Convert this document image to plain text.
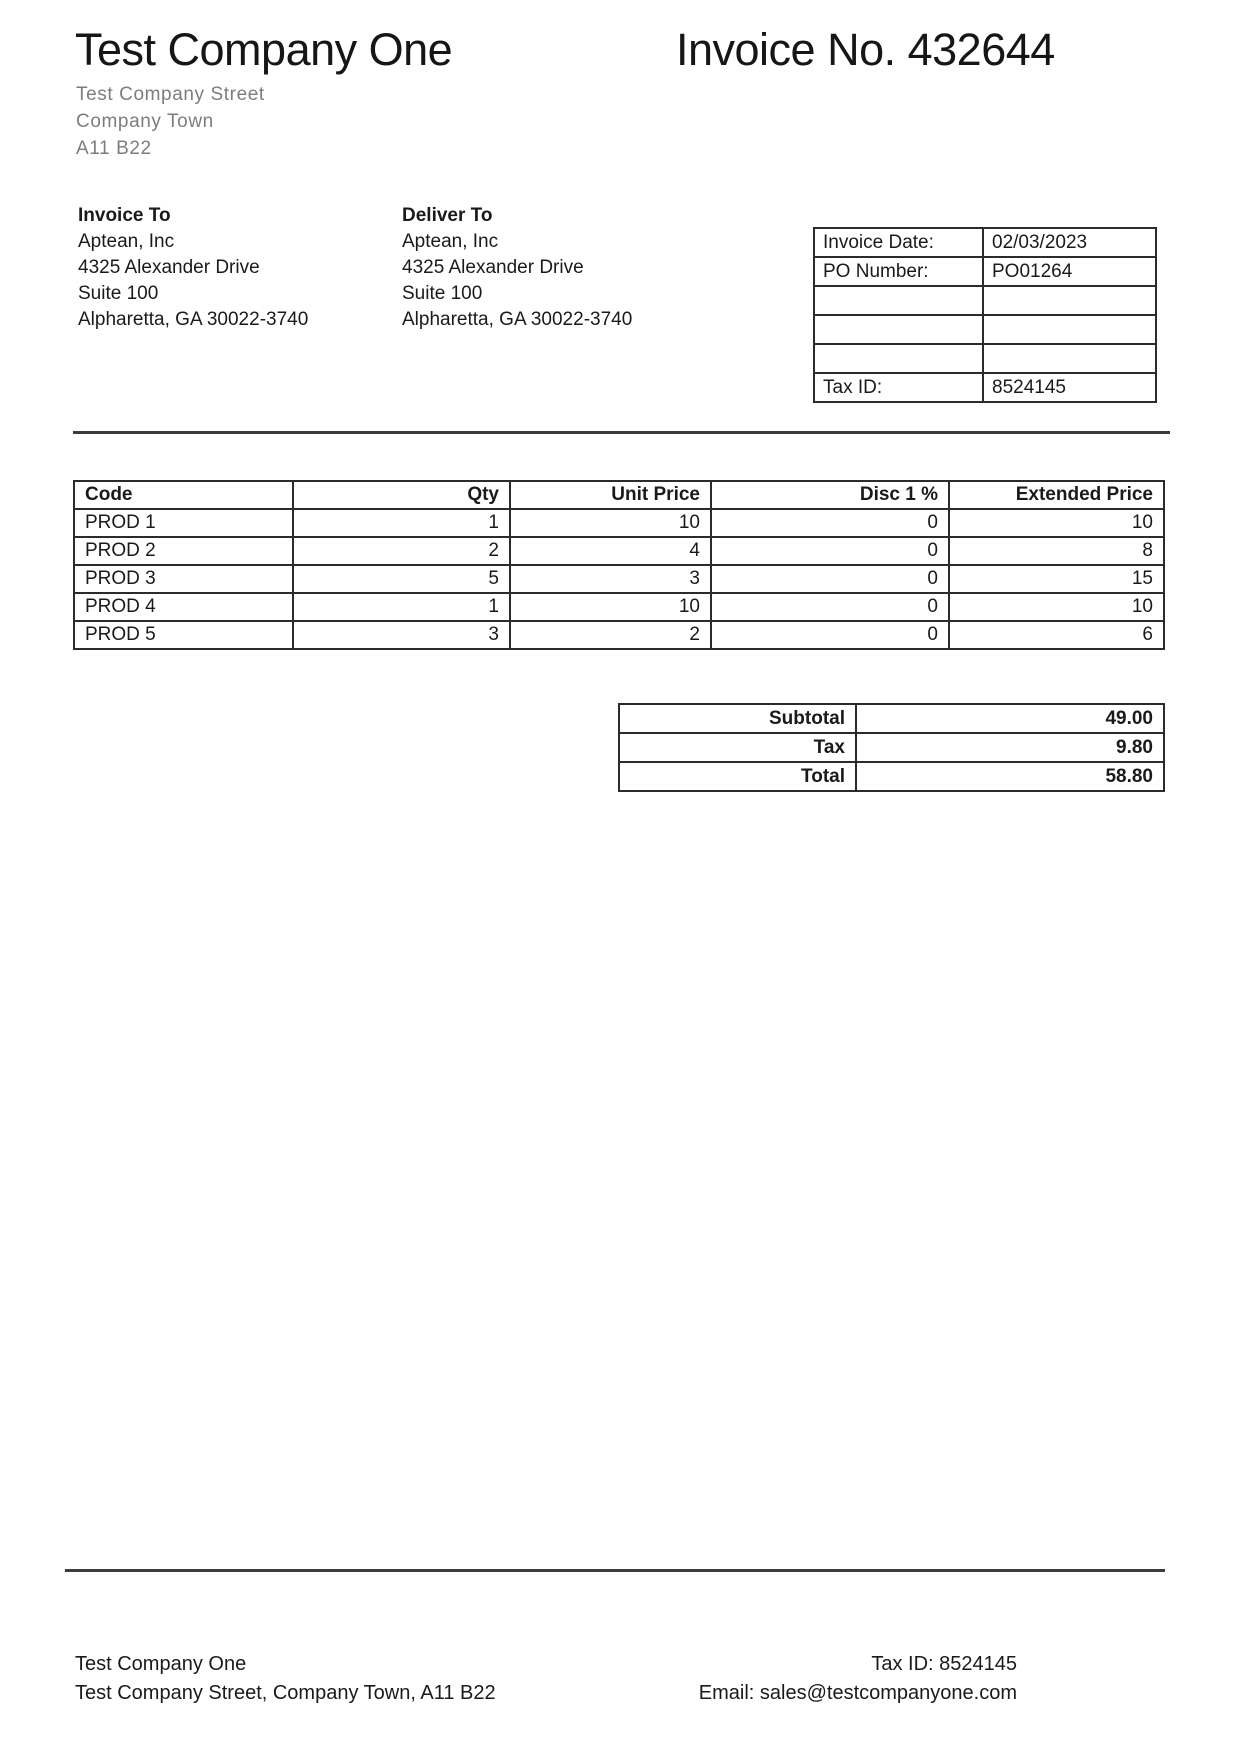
Test Company One	Invoice No. 432644
Test Company Street
Company Town
A11 B22
Invoice To
Aptean, Inc
4325 Alexander Drive
Suite 100
Alpharetta, GA 30022-3740
Deliver To
Aptean, Inc
4325 Alexander Drive
Suite 100
Alpharetta, GA 30022-3740
Invoice Date:	02/03/2023
PO Number:	PO01264

Tax ID:	8524145
Code	Qty	Unit Price	Disc 1 %	Extended Price
PROD 1	1	10	0	10
PROD 2	2	4	0	8
PROD 3	5	3	0	15
PROD 4	1	10	0	10
PROD 5	3	2	0	6
Subtotal	49.00
Tax	9.80
Total	58.80
Test Company One
Test Company Street, Company Town, A11 B22
Tax ID: 8524145
Email: sales@testcompanyone.com
